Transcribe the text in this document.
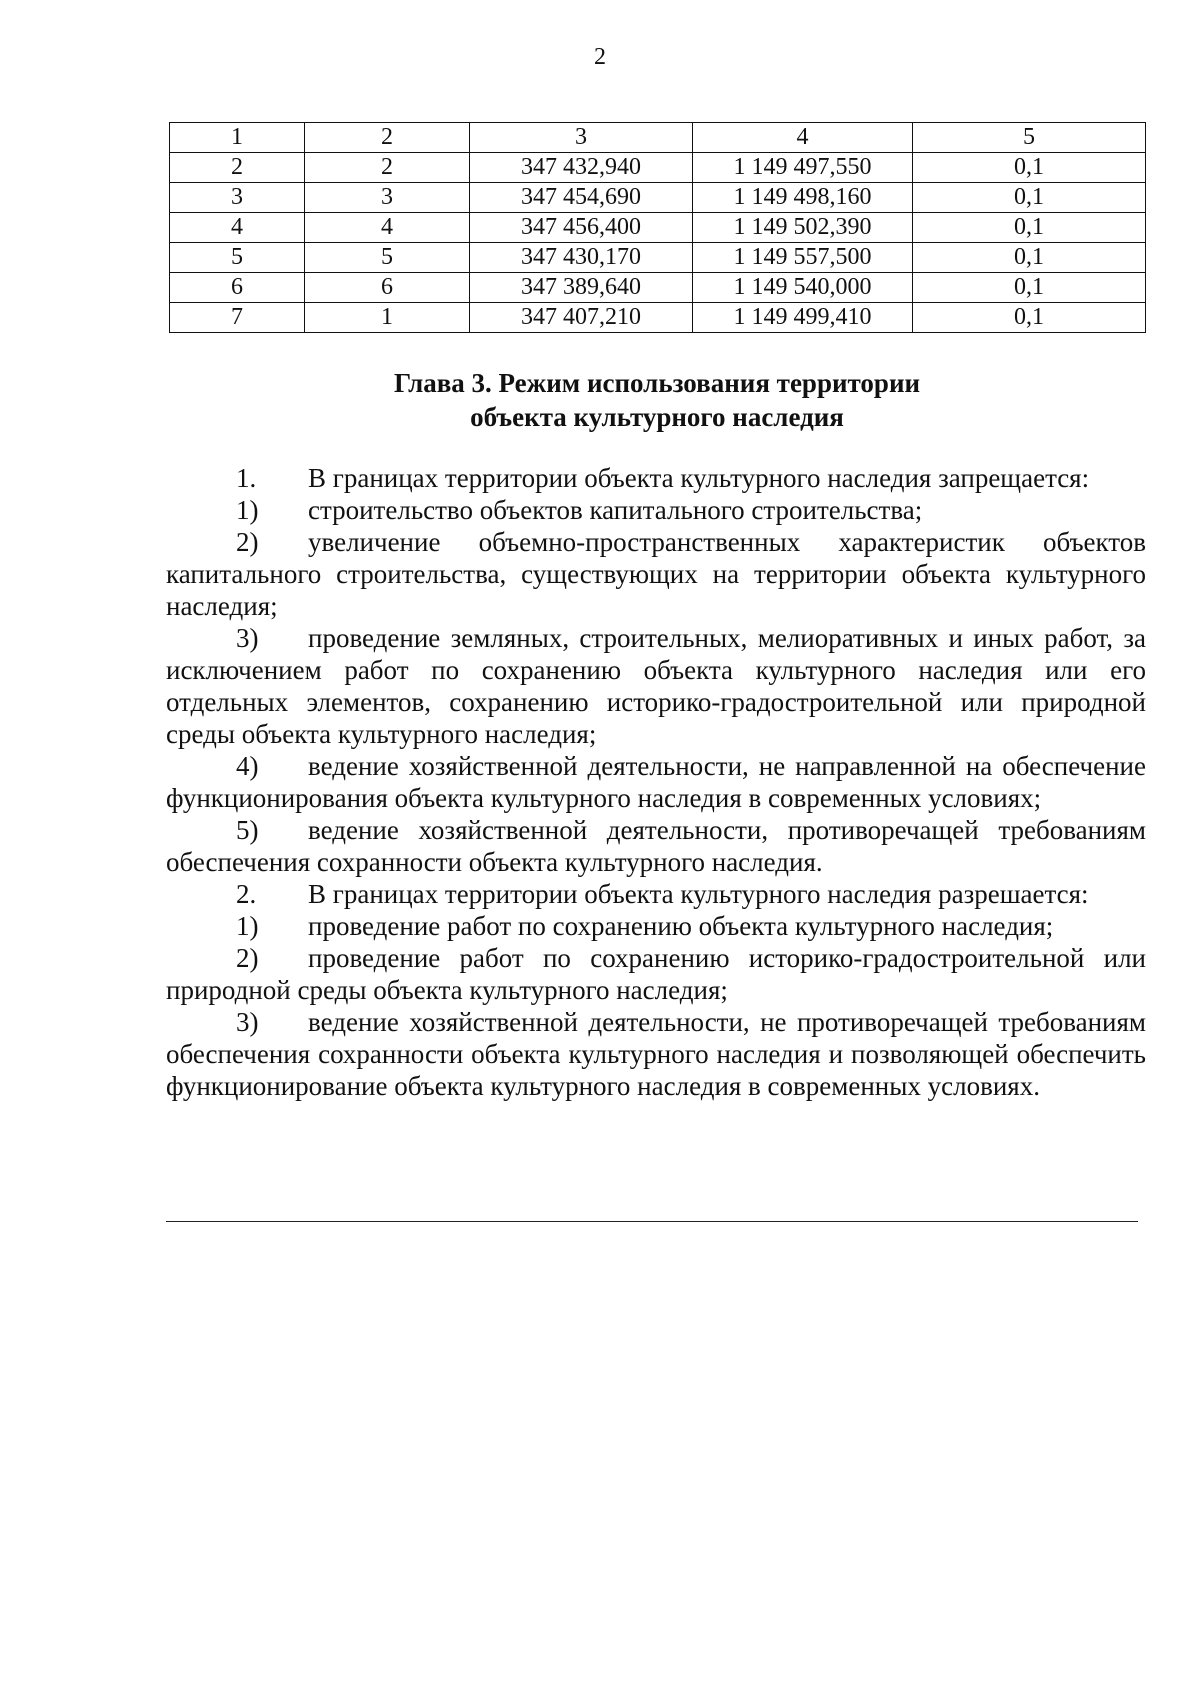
2
1	2	3	4	5
2	2	347 432,940	1 149 497,550	0,1
3	3	347 454,690	1 149 498,160	0,1
4	4	347 456,400	1 149 502,390	0,1
5	5	347 430,170	1 149 557,500	0,1
6	6	347 389,640	1 149 540,000	0,1
7	1	347 407,210	1 149 499,410	0,1
Глава 3. Режим использования территории
объекта культурного наследия

1. В границах территории объекта культурного наследия запрещается:

1) строительство объектов капитального строительства;

2) увеличение объемно-пространственных характеристик объектов капитального строительства, существующих на территории объекта культурного наследия;

3) проведение земляных, строительных, мелиоративных и иных работ, за исключением работ по сохранению объекта культурного наследия или его отдельных элементов, сохранению историко-градостроительной или природной среды объекта культурного наследия;

4) ведение хозяйственной деятельности, не направленной на обеспечение функционирования объекта культурного наследия в современных условиях;

5) ведение хозяйственной деятельности, противоречащей требованиям обеспечения сохранности объекта культурного наследия.

2. В границах территории объекта культурного наследия разрешается:

1) проведение работ по сохранению объекта культурного наследия;

2) проведение работ по сохранению историко-градостроительной или природной среды объекта культурного наследия;

3) ведение хозяйственной деятельности, не противоречащей требованиям обеспечения сохранности объекта культурного наследия и позволяющей обеспечить функционирование объекта культурного наследия в современных условиях.
